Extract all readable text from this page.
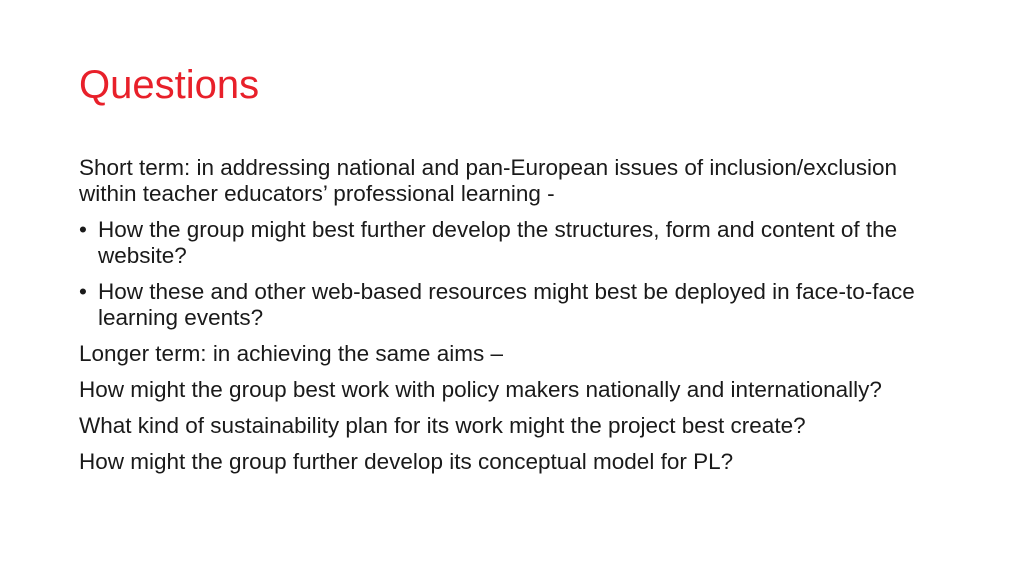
Questions

Short term: in addressing national and pan-European issues of inclusion/exclusion within teacher educators’ professional learning -

• How the group might best further develop the structures, form and content of the website?
• How these and other web-based resources might best be deployed in face-to-face learning events?

Longer term: in achieving the same aims –

How might the group best work with policy makers nationally and internationally?

What kind of sustainability plan for its work might the project best create?

How might the group further develop its conceptual model for PL?
